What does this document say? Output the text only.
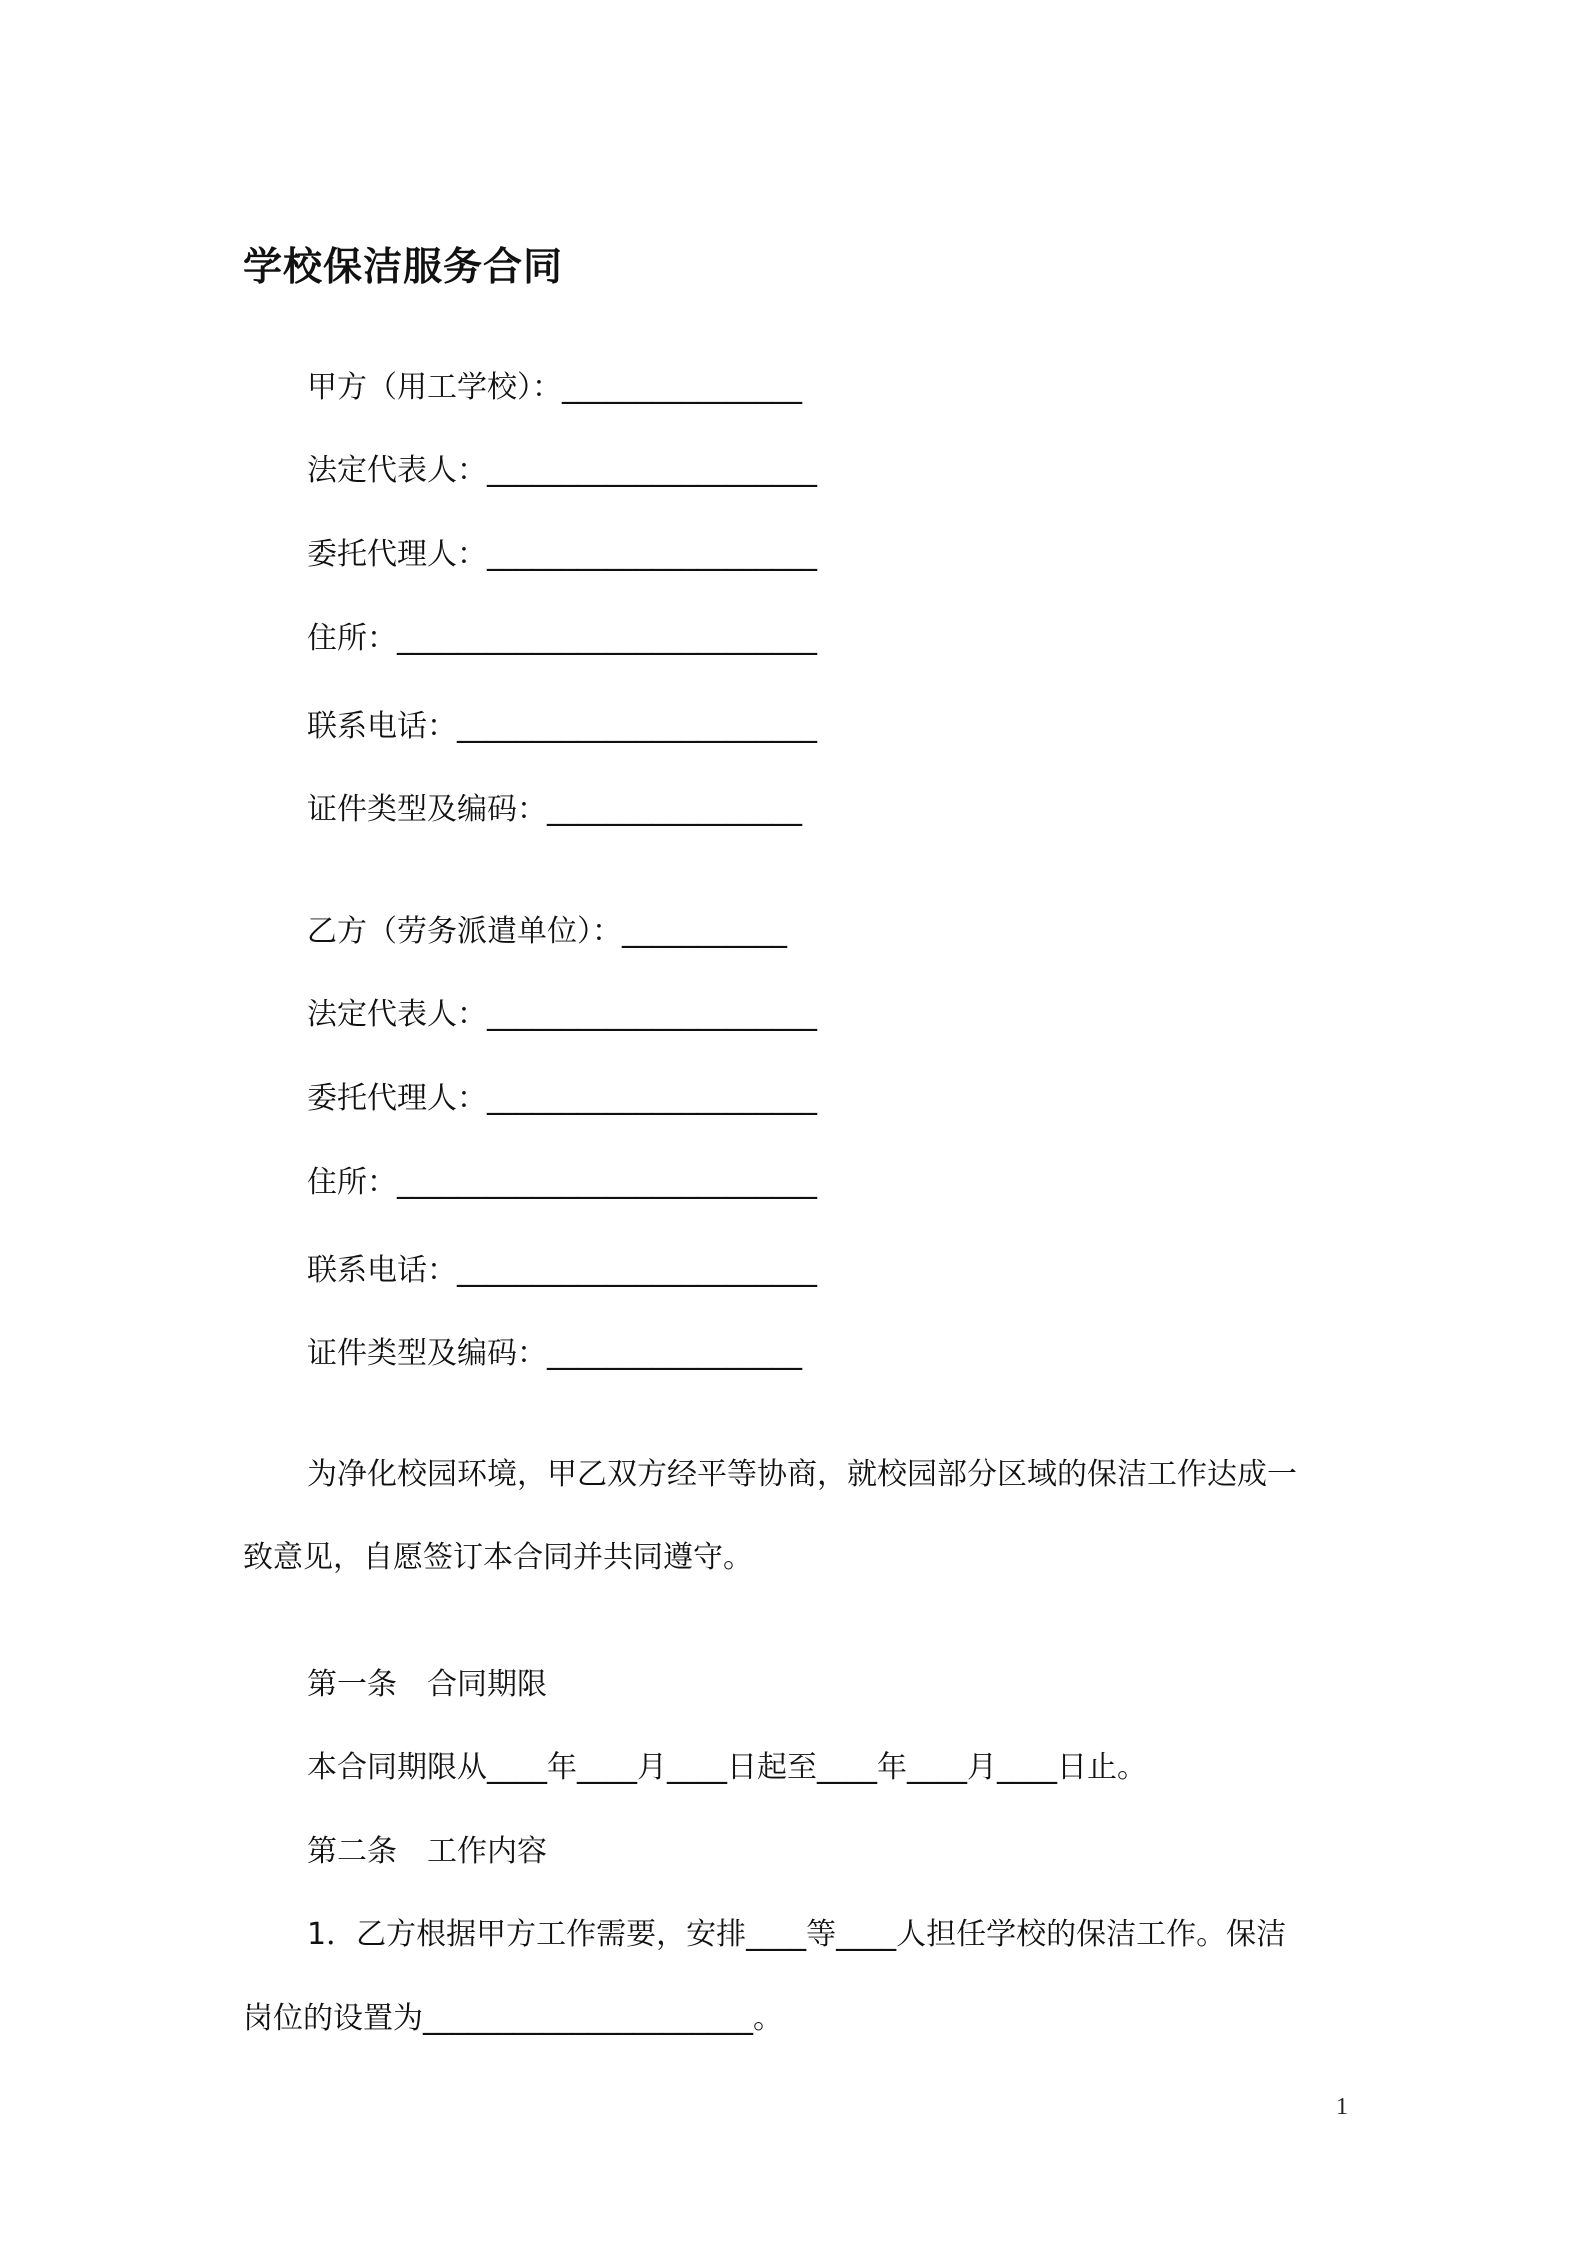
学校保洁服务合同
甲方（用工学校）：________________
法定代表人：______________________
委托代理人：______________________
住所：____________________________
联系电话：________________________
证件类型及编码：_________________
乙方（劳务派遣单位）：___________
法定代表人：______________________
委托代理人：______________________
住所：____________________________
联系电话：________________________
证件类型及编码：_________________
为净化校园环境，甲乙双方经平等协商，就校园部分区域的保洁工作达成一
致意见，自愿签订本合同并共同遵守。
第一条 合同期限
本合同期限从____年____月____日起至____年____月____日止。
第二条 工作内容
1．乙方根据甲方工作需要，安排____等____人担任学校的保洁工作。保洁
岗位的设置为______________________。
1
